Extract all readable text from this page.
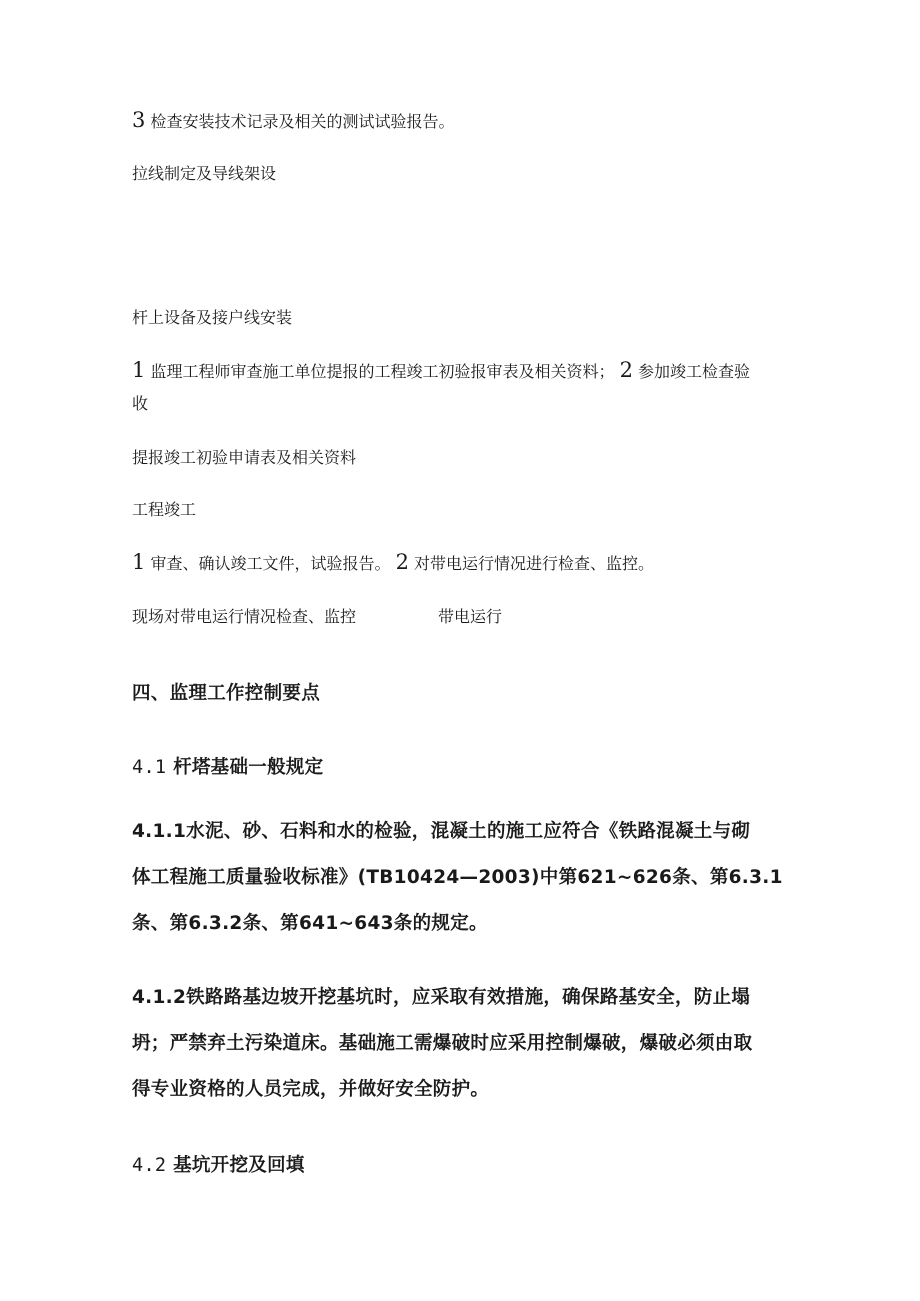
3 检查安装技术记录及相关的测试试验报告。
拉线制定及导线架设
杆上设备及接户线安装
1 监理工程师审查施工单位提报的工程竣工初验报审表及相关资料； 2 参加竣工检查验
收
提报竣工初验申请表及相关资料
工程竣工
1 审查、确认竣工文件，试验报告。 2 对带电运行情况进行检查、监控。
现场对带电运行情况检查、监控	带电运行
四、监理工作控制要点
4.1 杆塔基础一般规定
4.1.1水泥、砂、石料和水的检验，混凝土的施工应符合《铁路混凝土与砌
体工程施工质量验收标准》(TB10424—2003)中第621~626条、第6.3.1
条、第6.3.2条、第641~643条的规定。
4.1.2铁路路基边坡开挖基坑时，应采取有效措施，确保路基安全，防止塌
坍；严禁弃土污染道床。基础施工需爆破时应采用控制爆破，爆破必须由取
得专业资格的人员完成，并做好安全防护。
4.2 基坑开挖及回填
